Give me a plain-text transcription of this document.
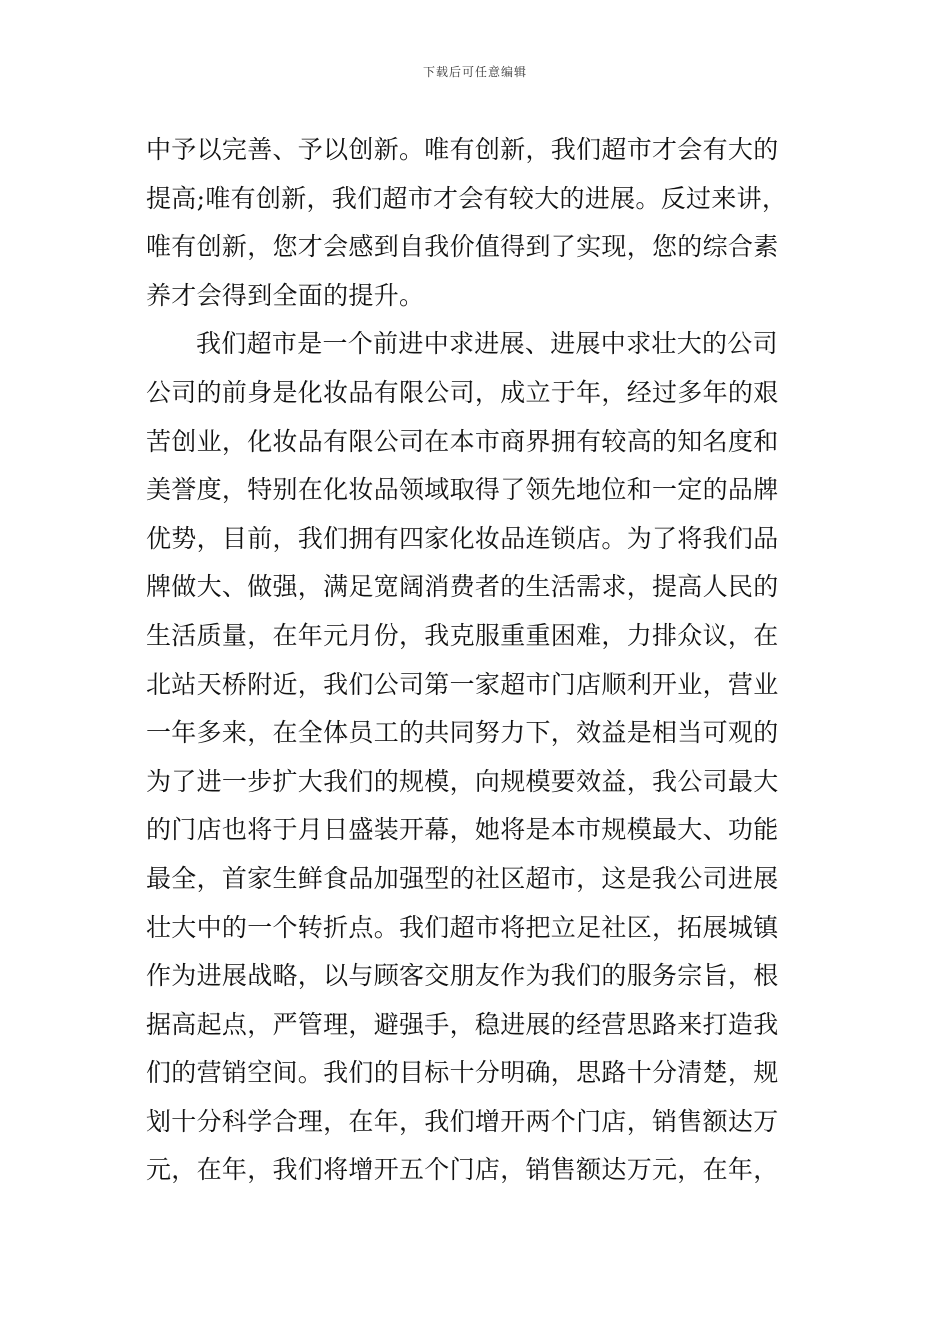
下载后可任意编辑
中予以完善、予以创新。唯有创新，我们超市才会有大的
提高;唯有创新，我们超市才会有较大的进展。反过来讲，
唯有创新，您才会感到自我价值得到了实现，您的综合素
养才会得到全面的提升。
我们超市是一个前进中求进展、进展中求壮大的公司
公司的前身是化妆品有限公司，成立于年，经过多年的艰
苦创业，化妆品有限公司在本市商界拥有较高的知名度和
美誉度，特别在化妆品领域取得了领先地位和一定的品牌
优势，目前，我们拥有四家化妆品连锁店。为了将我们品
牌做大、做强，满足宽阔消费者的生活需求，提高人民的
生活质量，在年元月份，我克服重重困难，力排众议，在
北站天桥附近，我们公司第一家超市门店顺利开业，营业
一年多来，在全体员工的共同努力下，效益是相当可观的
为了进一步扩大我们的规模，向规模要效益，我公司最大
的门店也将于月日盛装开幕，她将是本市规模最大、功能
最全，首家生鲜食品加强型的社区超市，这是我公司进展
壮大中的一个转折点。我们超市将把立足社区，拓展城镇
作为进展战略，以与顾客交朋友作为我们的服务宗旨，根
据高起点，严管理，避强手，稳进展的经营思路来打造我
们的营销空间。我们的目标十分明确，思路十分清楚，规
划十分科学合理，在年，我们增开两个门店，销售额达万
元，在年，我们将增开五个门店，销售额达万元，在年，
